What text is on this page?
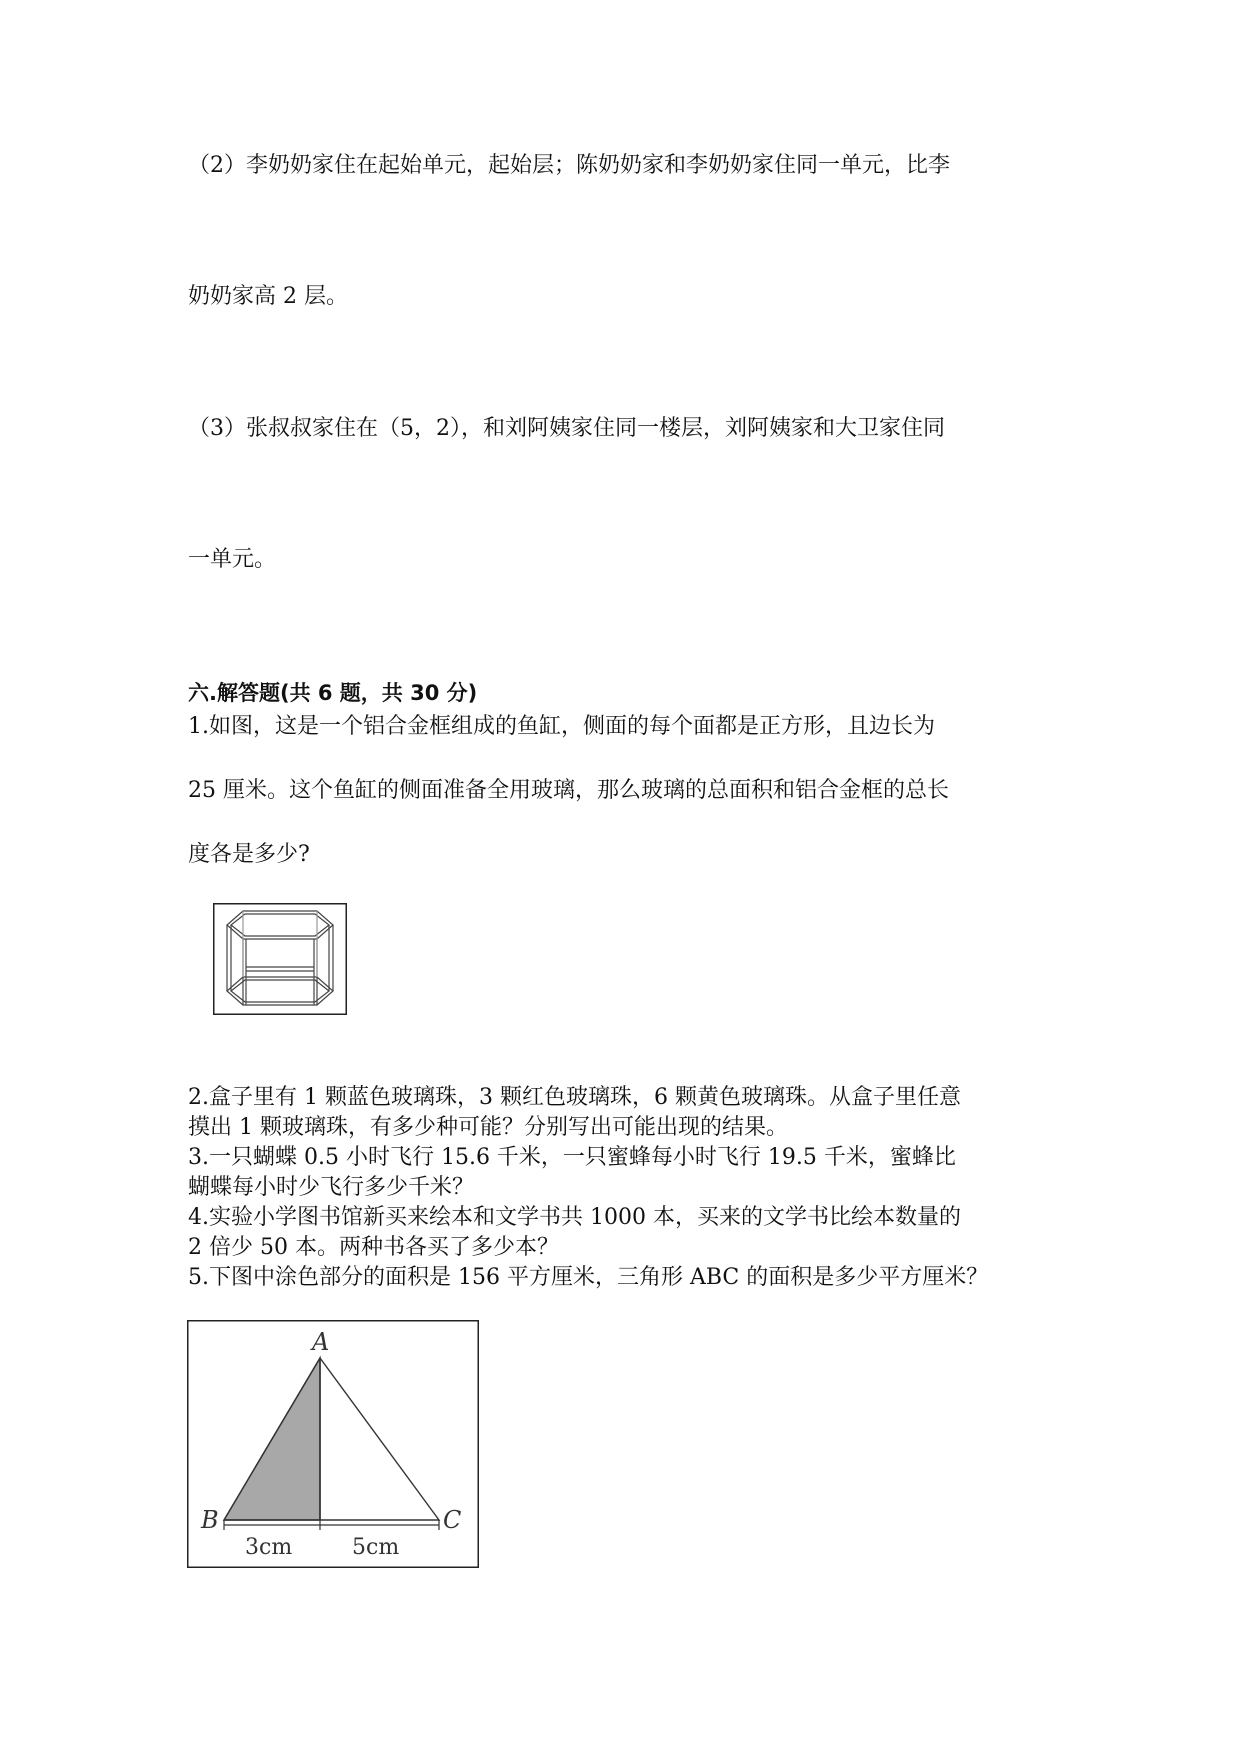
（2）李奶奶家住在起始单元，起始层；陈奶奶家和李奶奶家住同一单元，比李

奶奶家高 2 层。

（3）张叔叔家住在（5，2），和刘阿姨家住同一楼层，刘阿姨家和大卫家住同

一单元。

六.解答题(共 6 题，共 30 分)

1.如图，这是一个铝合金框组成的鱼缸，侧面的每个面都是正方形，且边长为

25 厘米。这个鱼缸的侧面准备全用玻璃，那么玻璃的总面积和铝合金框的总长

度各是多少?

2.盒子里有 1 颗蓝色玻璃珠，3 颗红色玻璃珠，6 颗黄色玻璃珠。从盒子里任意

摸出 1 颗玻璃珠，有多少种可能？分别写出可能出现的结果。

3.一只蝴蝶 0.5 小时飞行 15.6 千米，一只蜜蜂每小时飞行 19.5 千米，蜜蜂比

蝴蝶每小时少飞行多少千米？

4.实验小学图书馆新买来绘本和文学书共 1000 本，买来的文学书比绘本数量的

2 倍少 50 本。两种书各买了多少本？

5.下图中涂色部分的面积是 156 平方厘米，三角形 ABC 的面积是多少平方厘米？

A
B	C
3cm	5cm
